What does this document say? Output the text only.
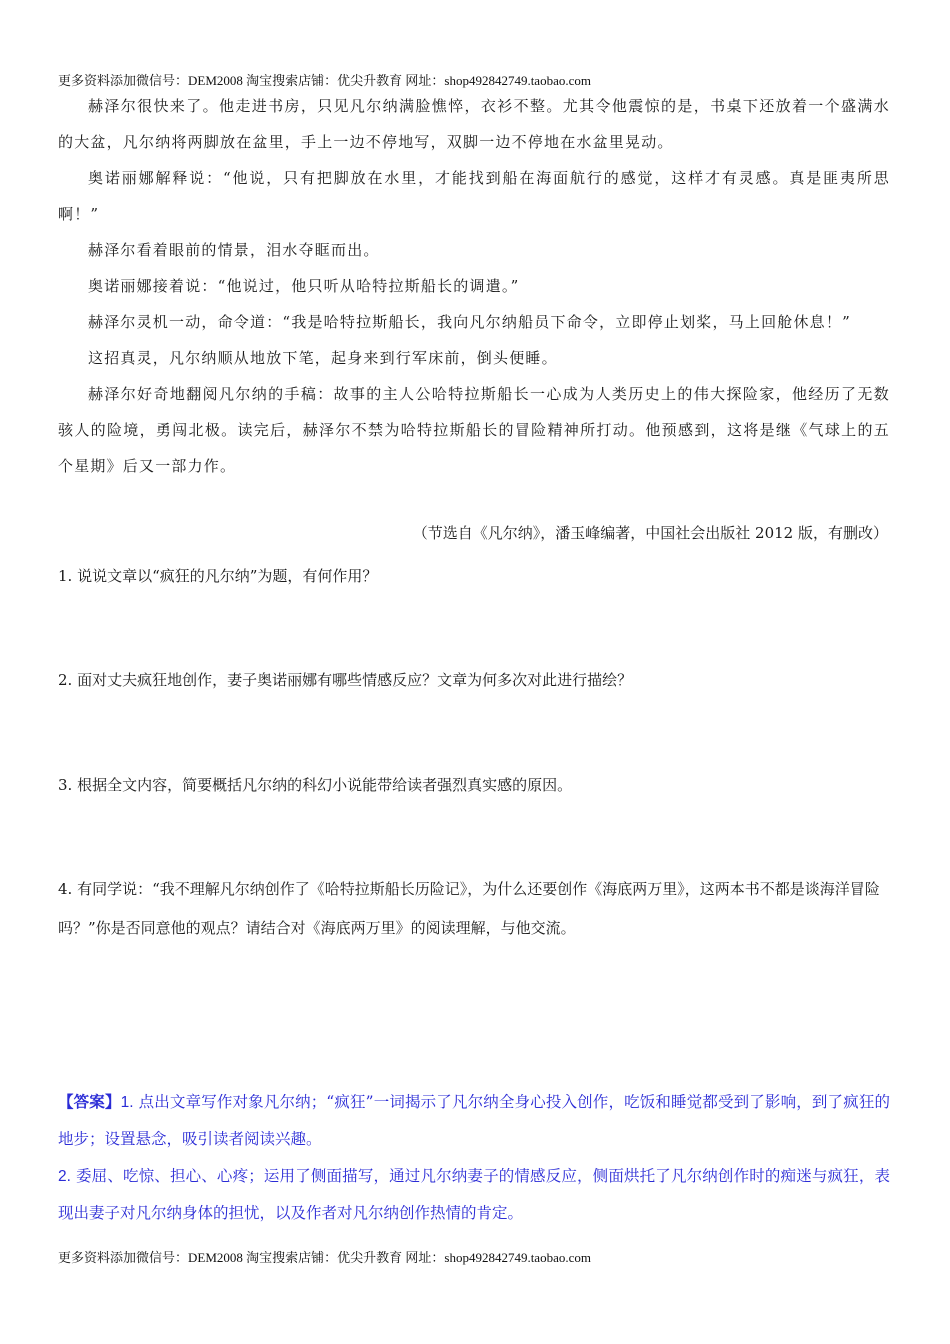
更多资料添加微信号：DEM2008 淘宝搜索店铺：优尖升教育 网址：shop492842749.taobao.com

赫泽尔很快来了。他走进书房，只见凡尔纳满脸憔悴，衣衫不整。尤其令他震惊的是，书桌下还放着一个盛满水的大盆，凡尔纳将两脚放在盆里，手上一边不停地写，双脚一边不停地在水盆里晃动。

奥诺丽娜解释说：“他说，只有把脚放在水里，才能找到船在海面航行的感觉，这样才有灵感。真是匪夷所思啊！”

赫泽尔看着眼前的情景，泪水夺眶而出。

奥诺丽娜接着说：“他说过，他只听从哈特拉斯船长的调遣。”

赫泽尔灵机一动，命令道：“我是哈特拉斯船长，我向凡尔纳船员下命令，立即停止划桨，马上回舱休息！”

这招真灵，凡尔纳顺从地放下笔，起身来到行军床前，倒头便睡。

赫泽尔好奇地翻阅凡尔纳的手稿：故事的主人公哈特拉斯船长一心成为人类历史上的伟大探险家，他经历了无数骇人的险境，勇闯北极。读完后，赫泽尔不禁为哈特拉斯船长的冒险精神所打动。他预感到，这将是继《气球上的五个星期》后又一部力作。

（节选自《凡尔纳》，潘玉峰编著，中国社会出版社 2012 版，有删改）
1. 说说文章以“疯狂的凡尔纳”为题，有何作用？
2. 面对丈夫疯狂地创作，妻子奥诺丽娜有哪些情感反应？文章为何多次对此进行描绘？
3. 根据全文内容，简要概括凡尔纳的科幻小说能带给读者强烈真实感的原因。
4. 有同学说：“我不理解凡尔纳创作了《哈特拉斯船长历险记》，为什么还要创作《海底两万里》，这两本书不都是谈海洋冒险吗？”你是否同意他的观点？请结合对《海底两万里》的阅读理解，与他交流。

【答案】1. 点出文章写作对象凡尔纳；“疯狂”一词揭示了凡尔纳全身心投入创作，吃饭和睡觉都受到了影响，到了疯狂的地步；设置悬念，吸引读者阅读兴趣。

2. 委屈、吃惊、担心、心疼；运用了侧面描写，通过凡尔纳妻子的情感反应，侧面烘托了凡尔纳创作时的痴迷与疯狂，表现出妻子对凡尔纳身体的担忧，以及作者对凡尔纳创作热情的肯定。

更多资料添加微信号：DEM2008 淘宝搜索店铺：优尖升教育 网址：shop492842749.taobao.com
